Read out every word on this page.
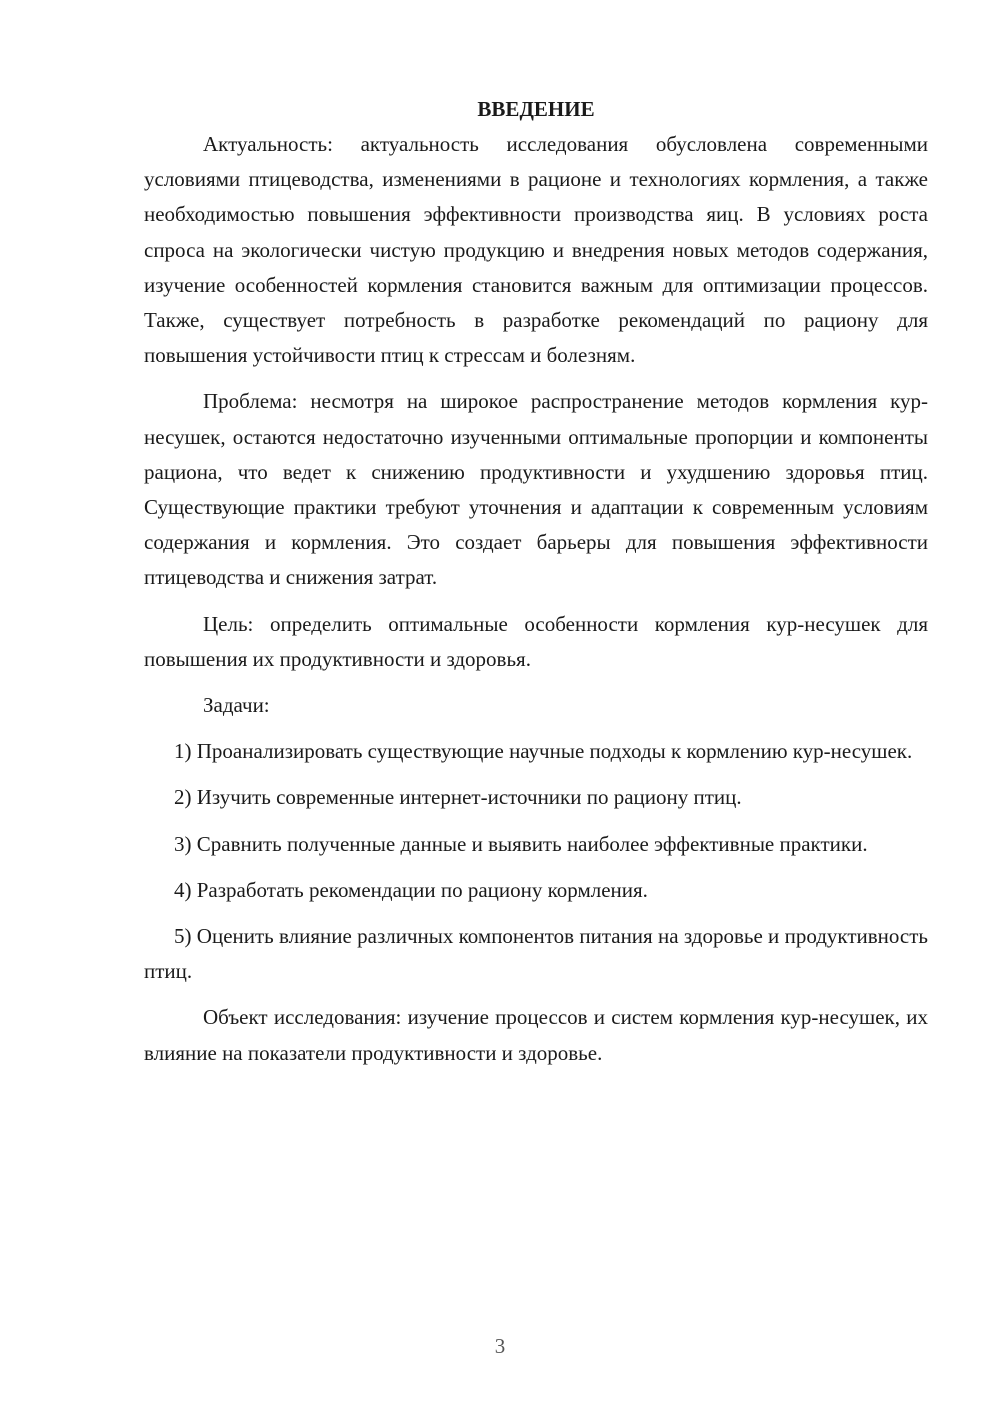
ВВЕДЕНИЕ

Актуальность: актуальность исследования обусловлена современными условиями птицеводства, изменениями в рационе и технологиях кормления, а также необходимостью повышения эффективности производства яиц. В условиях роста спроса на экологически чистую продукцию и внедрения новых методов содержания, изучение особенностей кормления становится важным для оптимизации процессов. Также, существует потребность в разработке рекомендаций по рациону для повышения устойчивости птиц к стрессам и болезням.

Проблема: несмотря на широкое распространение методов кормления кур-несушек, остаются недостаточно изученными оптимальные пропорции и компоненты рациона, что ведет к снижению продуктивности и ухудшению здоровья птиц. Существующие практики требуют уточнения и адаптации к современным условиям содержания и кормления. Это создает барьеры для повышения эффективности птицеводства и снижения затрат.

Цель: определить оптимальные особенности кормления кур-несушек для повышения их продуктивности и здоровья.

Задачи:

1) Проанализировать существующие научные подходы к кормлению кур-несушек.

2) Изучить современные интернет-источники по рациону птиц.

3) Сравнить полученные данные и выявить наиболее эффективные практики.

4) Разработать рекомендации по рациону кормления.

5) Оценить влияние различных компонентов питания на здоровье и продуктивность птиц.

Объект исследования: изучение процессов и систем кормления кур-несушек, их влияние на показатели продуктивности и здоровье.

3
